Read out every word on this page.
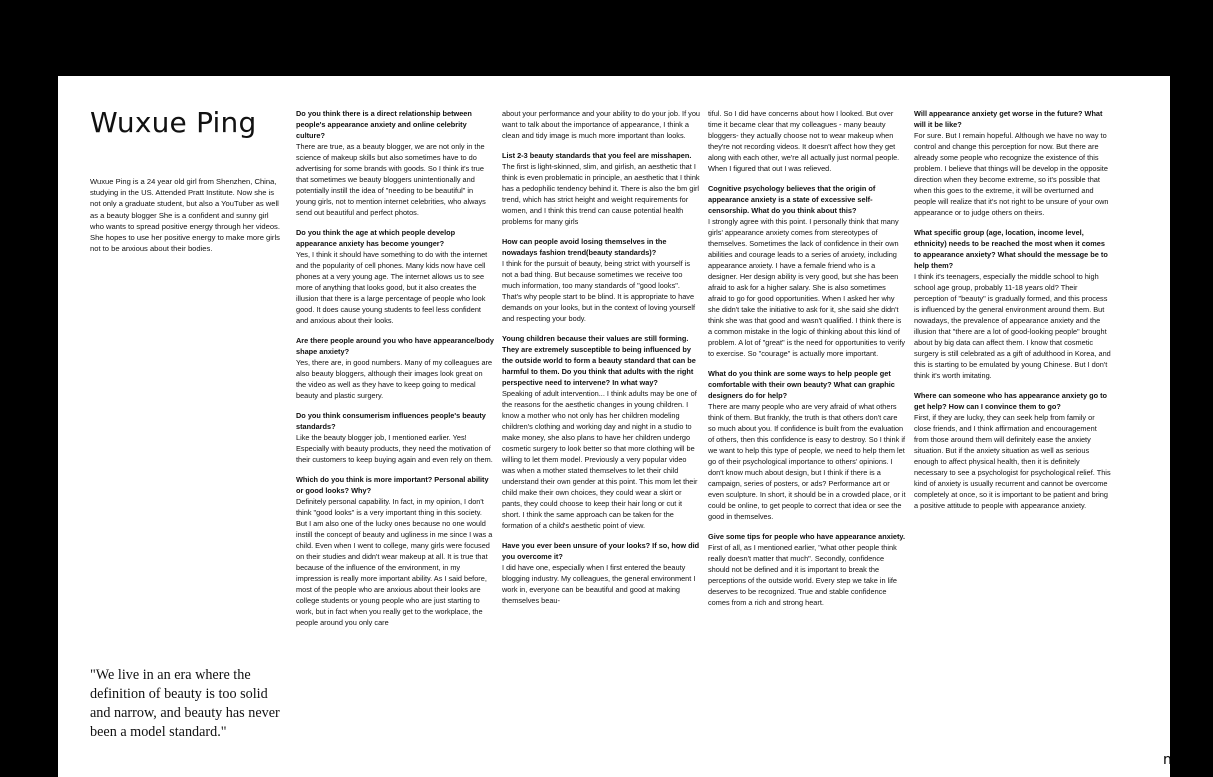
Wuxue Ping

Wuxue Ping is a 24 year old girl from Shenzhen, China, studying in the US. Attended Pratt Institute. Now she is not only a graduate student, but also a YouTuber as well as a beauty blogger She is a confident and sunny girl who wants to spread positive energy through her videos. She hopes to use her positive energy to make more girls not to be anxious about their bodies.

"We live in an era where the definition of beauty is too solid and narrow, and beauty has never been a model standard."

Do you think there is a direct relationship between people's appearance anxiety and online celebrity culture?
There are true, as a beauty blogger, we are not only in the science of makeup skills but also sometimes have to do advertising for some brands with goods. So I think it's true that sometimes we beauty bloggers unintentionally and potentially instill the idea of "needing to be beautiful" in young girls, not to mention internet celebrities, who always send out beautiful and perfect photos.
Do you think the age at which people develop appearance anxiety has become younger?
Yes, I think it should have something to do with the internet and the popularity of cell phones. Many kids now have cell phones at a very young age. The internet allows us to see more of anything that looks good, but it also creates the illusion that there is a large percentage of people who look good. It does cause young students to feel less confident and anxious about their looks.
Are there people around you who have appearance/body shape anxiety?
Yes, there are, in good numbers. Many of my colleagues are also beauty bloggers, although their images look great on the video as well as they have to keep going to medical beauty and plastic surgery.
Do you think consumerism influences people's beauty standards?
Like the beauty blogger job, I mentioned earlier. Yes! Especially with beauty products, they need the motivation of their customers to keep buying again and even rely on them.
Which do you think is more important? Personal ability or good looks? Why?
Definitely personal capability. In fact, in my opinion, I don't think "good looks" is a very important thing in this society. But I am also one of the lucky ones because no one would instill the concept of beauty and ugliness in me since I was a child. Even when I went to college, many girls were focused on their studies and didn't wear makeup at all. It is true that because of the influence of the environment, in my impression is really more important ability. As I said before, most of the people who are anxious about their looks are college students or young people who are just starting to work, but in fact when you really get to the workplace, the people around you only care
about your performance and your ability to do your job. If you want to talk about the importance of appearance, I think a clean and tidy image is much more important than looks.
List 2-3 beauty standards that you feel are misshapen.
The first is light-skinned, slim, and girlish, an aesthetic that I think is even problematic in principle, an aesthetic that I think has a pedophilic tendency behind it. There is also the bm girl trend, which has strict height and weight requirements for women, and I think this trend can cause potential health problems for many girls
How can people avoid losing themselves in the nowadays fashion trend(beauty standards)?
I think for the pursuit of beauty, being strict with yourself is not a bad thing. But because sometimes we receive too much information, too many standards of "good looks". That's why people start to be blind. It is appropriate to have demands on your looks, but in the context of loving yourself and respecting your body.
Young children because their values are still forming. They are extremely susceptible to being influenced by the outside world to form a beauty standard that can be harmful to them. Do you think that adults with the right perspective need to intervene? In what way?
Speaking of adult intervention... I think adults may be one of the reasons for the aesthetic changes in young children. I know a mother who not only has her children modeling children's clothing and working day and night in a studio to make money, she also plans to have her children undergo cosmetic surgery to look better so that more clothing will be willing to let them model. Previously a very popular video was when a mother stated themselves to let their child understand their own gender at this point. This mom let their child make their own choices, they could wear a skirt or pants, they could choose to keep their hair long or cut it short. I think the same approach can be taken for the formation of a child's aesthetic point of view.
Have you ever been unsure of your looks? If so, how did you overcome it?
I did have one, especially when I first entered the beauty blogging industry. My colleagues, the general environment I work in, everyone can be beautiful and good at making themselves beau-
tiful. So I did have concerns about how I looked. But over time it became clear that my colleagues - many beauty bloggers- they actually choose not to wear makeup when they're not recording videos. It doesn't affect how they get along with each other, we're all actually just normal people. When I figured that out I was relieved.
Cognitive psychology believes that the origin of appearance anxiety is a state of excessive self-censorship. What do you think about this?
I strongly agree with this point. I personally think that many girls' appearance anxiety comes from stereotypes of themselves. Sometimes the lack of confidence in their own abilities and courage leads to a series of anxiety, including appearance anxiety. I have a female friend who is a designer. Her design ability is very good, but she has been afraid to ask for a higher salary. She is also sometimes afraid to go for good opportunities. When I asked her why she didn't take the initiative to ask for it, she said she didn't think she was that good and wasn't qualified. I think there is a common mistake in the logic of thinking about this kind of problem. A lot of "great" is the need for opportunities to verify to exercise. So "courage" is actually more important.
What do you think are some ways to help people get comfortable with their own beauty? What can graphic designers do for help?
There are many people who are very afraid of what others think of them. But frankly, the truth is that others don't care so much about you. If confidence is built from the evaluation of others, then this confidence is easy to destroy. So I think if we want to help this type of people, we need to help them let go of their psychological importance to others' opinions. I don't know much about design, but I think if there is a campaign, series of posters, or ads? Performance art or even sculpture. In short, it should be in a crowded place, or it could be online, to get people to correct that idea or see the good in themselves.
Give some tips for people who have appearance anxiety.
First of all, as I mentioned earlier, "what other people think really doesn't matter that much". Secondly, confidence should not be defined and it is important to break the perceptions of the outside world. Every step we take in life deserves to be recognized. True and stable confidence comes from a rich and strong heart.
Will appearance anxiety get worse in the future? What will it be like?
For sure. But I remain hopeful. Although we have no way to control and change this perception for now. But there are already some people who recognize the existence of this problem. I believe that things will be develop in the opposite direction when they become extreme, so it's possible that when this goes to the extreme, it will be overturned and people will realize that it's not right to be unsure of your own appearance or to judge others on theirs.
What specific group (age, location, income level, ethnicity) needs to be reached the most when it comes to appearance anxiety? What should the message be to help them?
I think it's teenagers, especially the middle school to high school age group, probably 11-18 years old? Their perception of "beauty" is gradually formed, and this process is influenced by the general environment around them. But nowadays, the prevalence of appearance anxiety and the illusion that "there are a lot of good-looking people" brought about by big data can affect them. I know that cosmetic surgery is still celebrated as a gift of adulthood in Korea, and this is starting to be emulated by young Chinese. But I don't think it's worth imitating.
Where can someone who has appearance anxiety go to get help? How can I convince them to go?
First, if they are lucky, they can seek help from family or close friends, and I think affirmation and encouragement from those around them will definitely ease the anxiety situation. But if the anxiety situation as well as serious enough to affect physical health, then it is definitely necessary to see a psychologist for psychological relief. This kind of anxiety is usually recurrent and cannot be overcome completely at once, so it is important to be patient and bring a positive attitude to people with appearance anxiety.
n_FA21
